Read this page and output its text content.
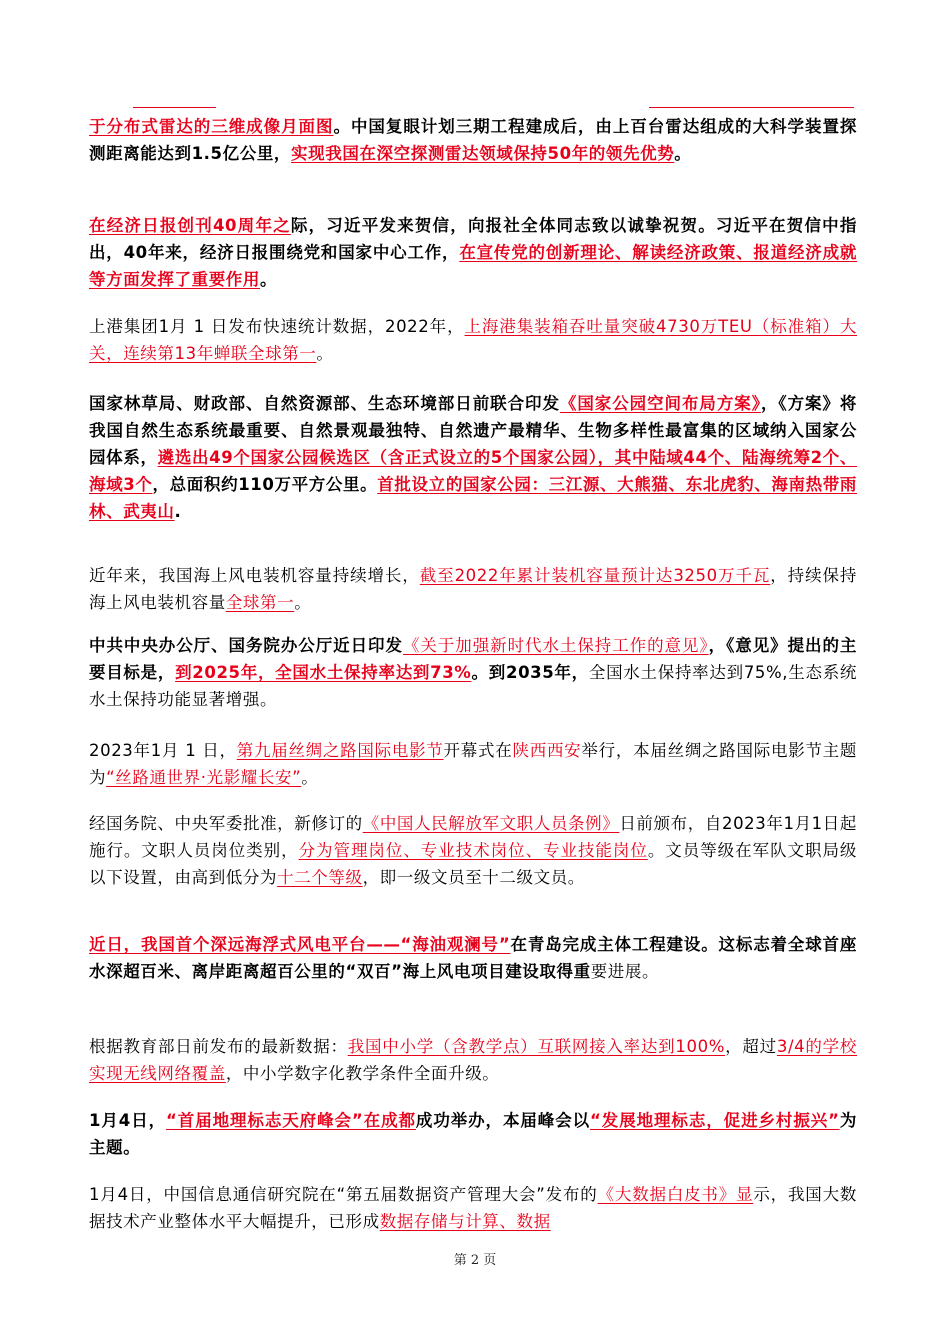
于分布式雷达的三维成像月面图。中国复眼计划三期工程建成后，由上百台雷达组成的大科学装置探测距离能达到1.5亿公里，实现我国在深空探测雷达领域保持50年的领先优势。

在经济日报创刊40周年之际，习近平发来贺信，向报社全体同志致以诚挚祝贺。习近平在贺信中指出，40年来，经济日报围绕党和国家中心工作，在宣传党的创新理论、解读经济政策、报道经济成就等方面发挥了重要作用。

上港集团1月 1 日发布快速统计数据，2022年，上海港集装箱吞吐量突破4730万TEU（标准箱）大关，连续第13年蝉联全球第一。

国家林草局、财政部、自然资源部、生态环境部日前联合印发《国家公园空间布局方案》，《方案》将我国自然生态系统最重要、自然景观最独特、自然遗产最精华、生物多样性最富集的区域纳入国家公园体系，遴选出49个国家公园候选区（含正式设立的5个国家公园），其中陆域44个、陆海统筹2个、海域3个，总面积约110万平方公里。首批设立的国家公园：三江源、大熊猫、东北虎豹、海南热带雨林、武夷山.

近年来，我国海上风电装机容量持续增长，截至2022年累计装机容量预计达3250万千瓦，持续保持海上风电装机容量全球第一。

中共中央办公厅、国务院办公厅近日印发《关于加强新时代水土保持工作的意见》，《意见》提出的主要目标是，到2025年，全国水土保持率达到73%。到2035年，全国水土保持率达到75%,生态系统水土保持功能显著增强。

2023年1月 1 日，第九届丝绸之路国际电影节开幕式在陕西西安举行，本届丝绸之路国际电影节主题为“丝路通世界·光影耀长安”。

经国务院、中央军委批准，新修订的《中国人民解放军文职人员条例》日前颁布，自2023年1月1日起施行。文职人员岗位类别，分为管理岗位、专业技术岗位、专业技能岗位。文员等级在军队文职局级以下设置，由高到低分为十二个等级，即一级文员至十二级文员。

近日，我国首个深远海浮式风电平台——“海油观澜号”在青岛完成主体工程建设。这标志着全球首座水深超百米、离岸距离超百公里的“双百”海上风电项目建设取得重要进展。

根据教育部日前发布的最新数据：我国中小学（含教学点）互联网接入率达到100%，超过3/4的学校实现无线网络覆盖，中小学数字化教学条件全面升级。

1月4日，“首届地理标志天府峰会”在成都成功举办，本届峰会以“发展地理标志，促进乡村振兴”为主题。

1月4日，中国信息通信研究院在“第五届数据资产管理大会”发布的《大数据白皮书》显示，我国大数据技术产业整体水平大幅提升，已形成数据存储与计算、数据

第 2 页
